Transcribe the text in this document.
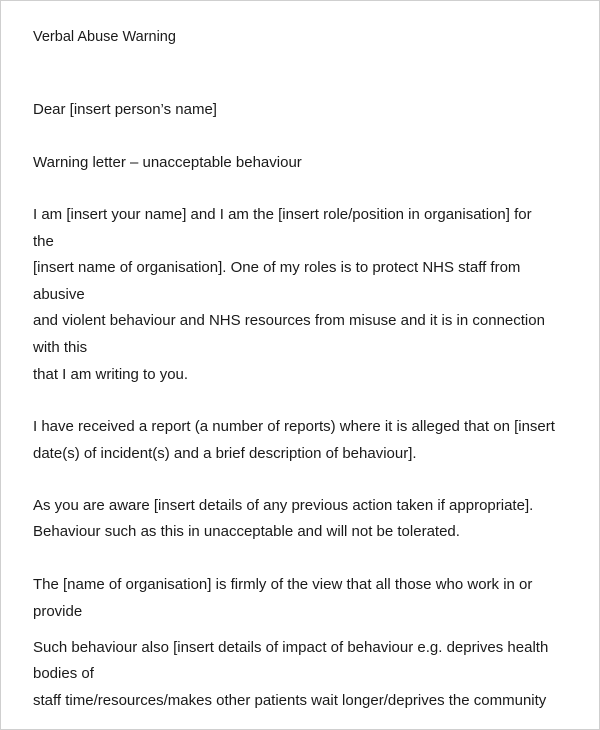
Verbal Abuse Warning
Dear [insert person’s name]
Warning letter – unacceptable behaviour
I am [insert your name] and I am the [insert role/position in organisation] for
the
[insert name of organisation]. One of my roles is to protect NHS staff from
abusive
and violent behaviour and NHS resources from misuse and it is in connection
with this
that I am writing to you.
I have received a report (a number of reports) where it is alleged that on [insert
date(s) of incident(s) and a brief description of behaviour].
As you are aware [insert details of any previous action taken if appropriate].
Behaviour such as this in unacceptable and will not be tolerated.
The [name of organisation] is firmly of the view that all those who work in or
provide
Such behaviour also [insert details of impact of behaviour e.g. deprives health
bodies of
staff time/resources/makes other patients wait longer/deprives the community
